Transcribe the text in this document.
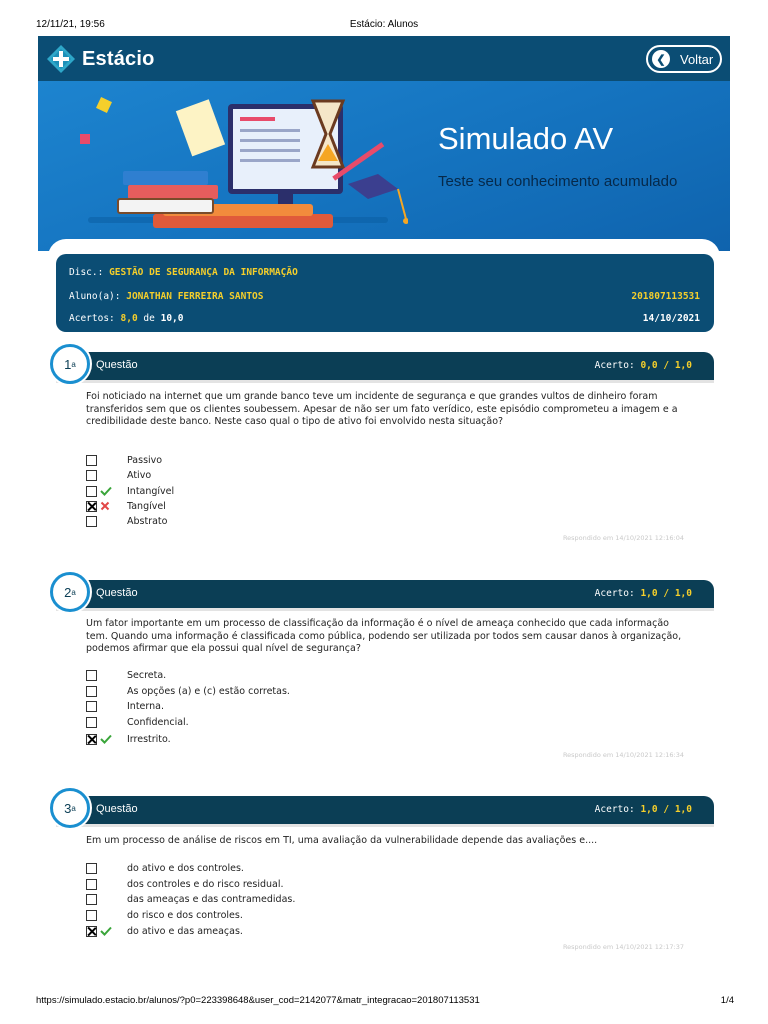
12/11/21, 19:56	Estácio: Alunos
Estácio	❮	Voltar
Simulado AV
Teste seu conhecimento acumulado
Disc.: GESTÃO DE SEGURANÇA DA INFORMAÇÃO
Aluno(a): JONATHAN FERREIRA SANTOS	201807113531
Acertos: 8,0 de 10,0	14/10/2021
1 a Questão	Acerto: 0,0 / 1,0
Foi noticiado na internet que um grande banco teve um incidente de segurança e que grandes vultos de dinheiro foram transferidos sem que os clientes soubessem. Apesar de não ser um fato verídico, este episódio comprometeu a imagem e a credibilidade deste banco. Neste caso qual o tipo de ativo foi envolvido nesta situação?
Passivo
Ativo
Intangível
Tangível
Abstrato
Respondido em 14/10/2021 12:16:04
2 a Questão	Acerto: 1,0 / 1,0
Um fator importante em um processo de classificação da informação é o nível de ameaça conhecido que cada informação tem. Quando uma informação é classificada como pública, podendo ser utilizada por todos sem causar danos à organização, podemos afirmar que ela possui qual nível de segurança?
Secreta.
As opções (a) e (c) estão corretas.
Interna.
Confidencial.
Irrestrito.
Respondido em 14/10/2021 12:16:34
3 a Questão	Acerto: 1,0 / 1,0
Em um processo de análise de riscos em TI, uma avaliação da vulnerabilidade depende das avaliações e....
do ativo e dos controles.
dos controles e do risco residual.
das ameaças e das contramedidas.
do risco e dos controles.
do ativo e das ameaças.
Respondido em 14/10/2021 12:17:37
https://simulado.estacio.br/alunos/?p0=223398648&user_cod=2142077&matr_integracao=201807113531	1/4
